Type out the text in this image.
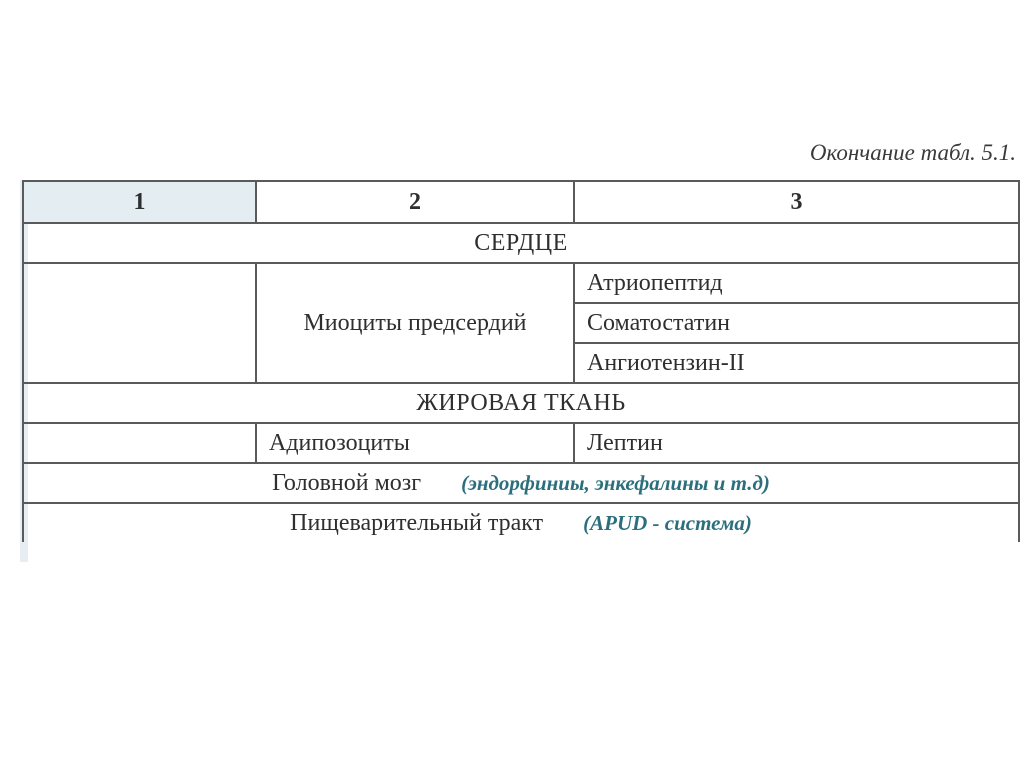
Окончание табл. 5.1.
1	2	3
СЕРДЦЕ		
	Миоциты предсердий	Атриопептид
		Соматостатин
		Ангиотензин-II
ЖИРОВАЯ ТКАНЬ		
	Адипозоциты	Лептин
Головной мозг (эндорфиниы, энкефалины и т.д)		
Пищеварительный тракт (APUD - система)		
